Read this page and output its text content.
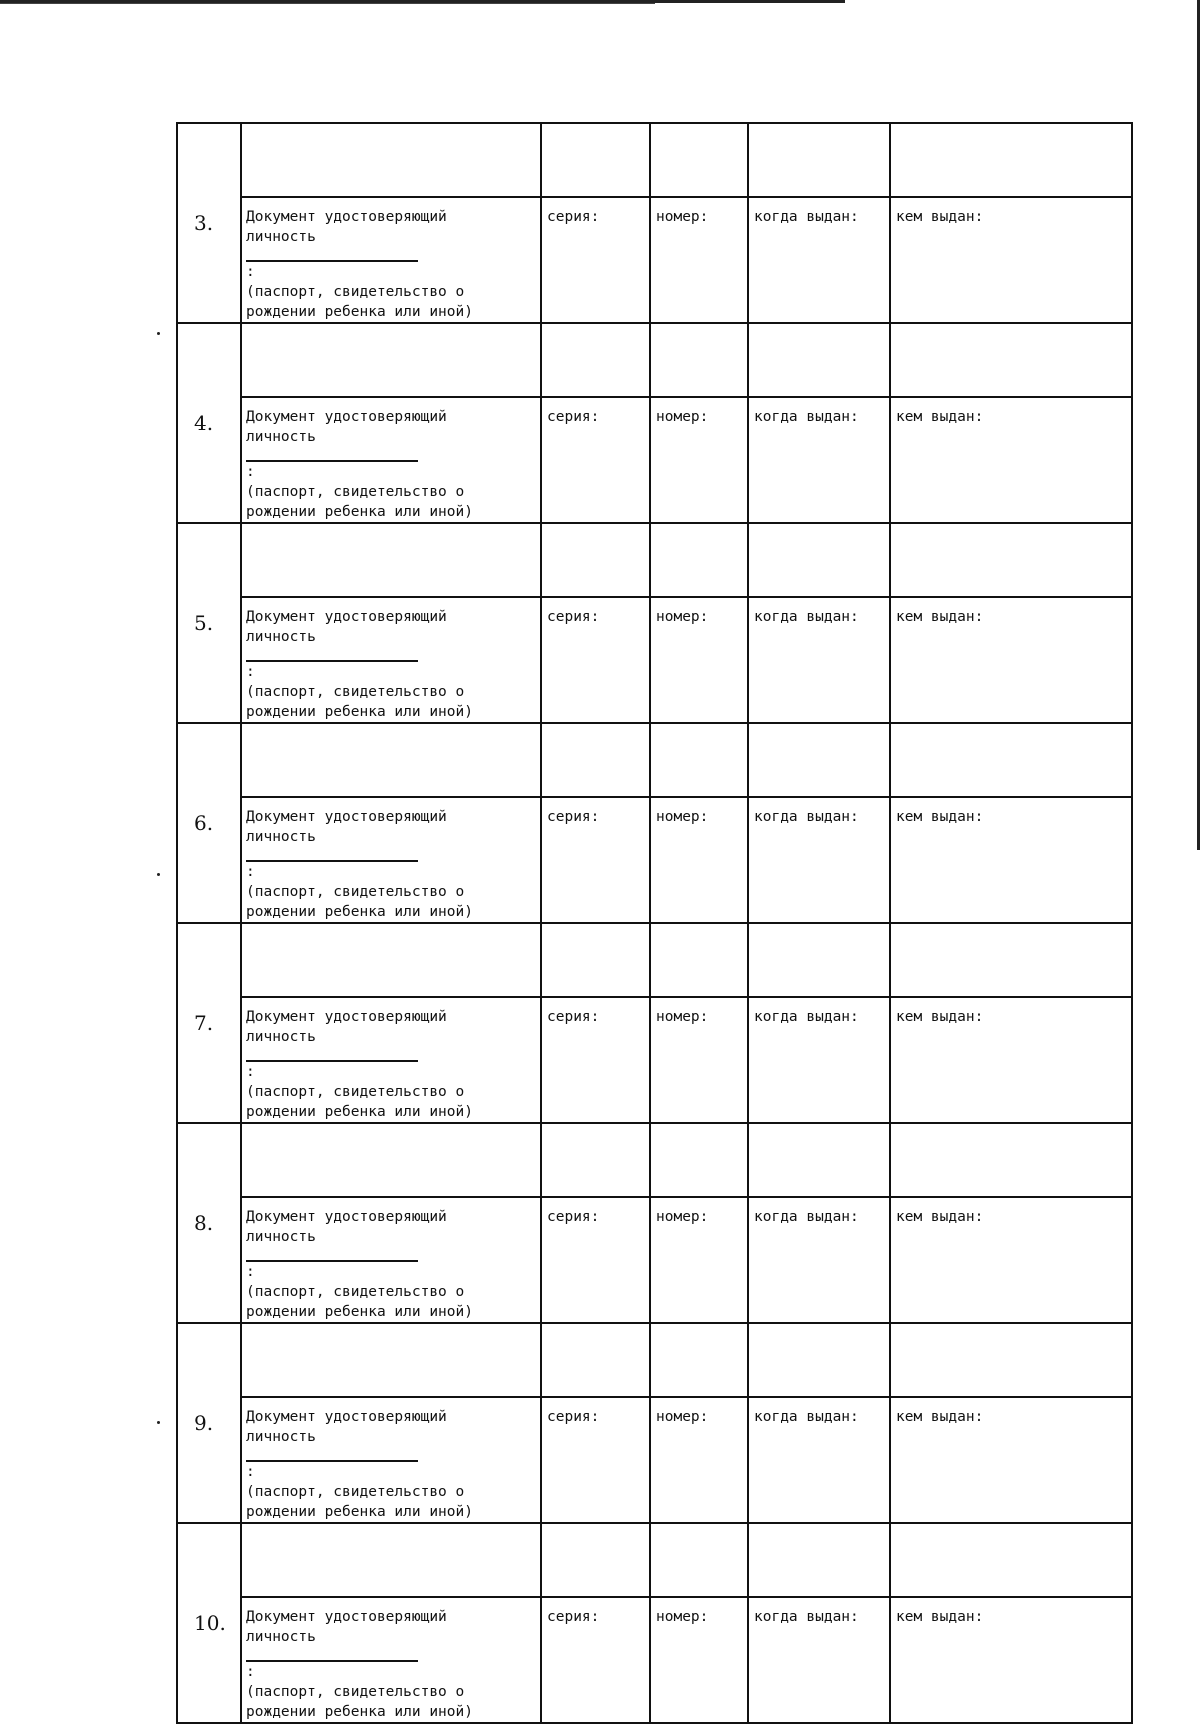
3.					

	Документ удостоверяющий
личность
:
(паспорт, свидетельство о
рождении ребенка или иной)	серия:	номер:	когда выдан:	кем выдан:

4.					

	Документ удостоверяющий
личность
:
(паспорт, свидетельство о
рождении ребенка или иной)	серия:	номер:	когда выдан:	кем выдан:

5.					

	Документ удостоверяющий
личность
:
(паспорт, свидетельство о
рождении ребенка или иной)	серия:	номер:	когда выдан:	кем выдан:

6.					

	Документ удостоверяющий
личность
:
(паспорт, свидетельство о
рождении ребенка или иной)	серия:	номер:	когда выдан:	кем выдан:

7.					

	Документ удостоверяющий
личность
:
(паспорт, свидетельство о
рождении ребенка или иной)	серия:	номер:	когда выдан:	кем выдан:

8.					

	Документ удостоверяющий
личность
:
(паспорт, свидетельство о
рождении ребенка или иной)	серия:	номер:	когда выдан:	кем выдан:

9.					

	Документ удостоверяющий
личность
:
(паспорт, свидетельство о
рождении ребенка или иной)	серия:	номер:	когда выдан:	кем выдан:

10.					

	Документ удостоверяющий
личность
:
(паспорт, свидетельство о
рождении ребенка или иной)	серия:	номер:	когда выдан:	кем выдан:
